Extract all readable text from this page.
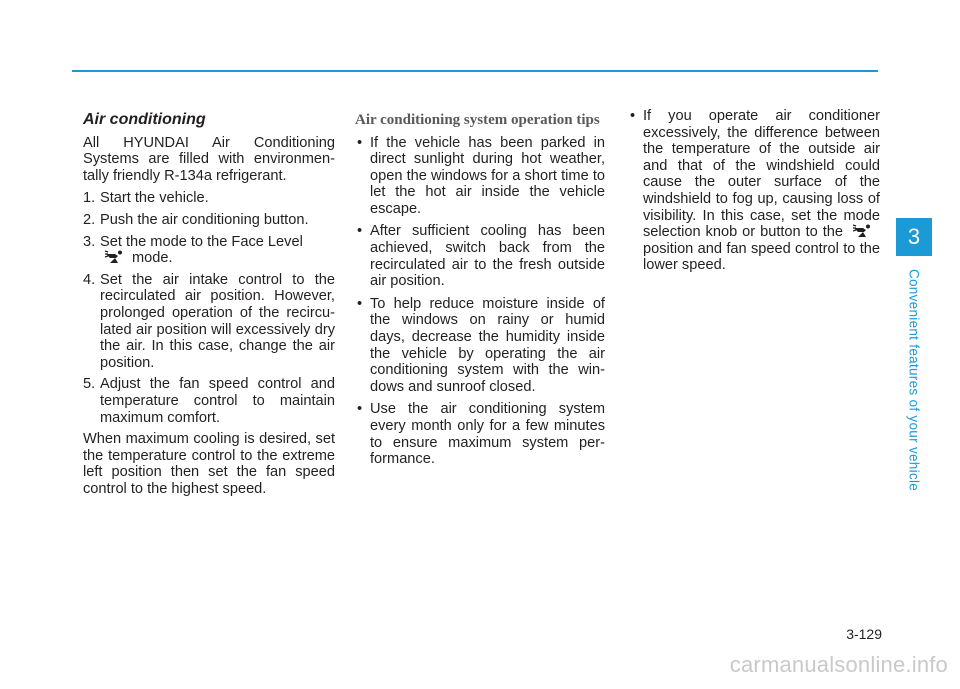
Air conditioning

All HYUNDAI Air Conditioning Systems are filled with environmen-tally friendly R-134a refrigerant.

1. Start the vehicle.
2. Push the air conditioning button.
3. Set the mode to the Face Level
mode.
4. Set the air intake control to the recirculated air position. However, prolonged operation of the recircu-lated air position will excessively dry the air. In this case, change the air position.
5. Adjust the fan speed control and temperature control to maintain maximum comfort.

When maximum cooling is desired, set the temperature control to the extreme left position then set the fan speed control to the highest speed.

Air conditioning system operation tips
• If the vehicle has been parked in direct sunlight during hot weather, open the windows for a short time to let the hot air inside the vehicle escape.
• After sufficient cooling has been achieved, switch back from the recirculated air to the fresh outside air position.
• To help reduce moisture inside of the windows on rainy or humid days, decrease the humidity inside the vehicle by operating the air conditioning system with the win-dows and sunroof closed.
• Use the air conditioning system every month only for a few minutes to ensure maximum system per-formance.
• If you operate air conditioner excessively, the difference between the temperature of the outside air and that of the windshield could cause the outer surface of the windshield to fog up, causing loss of visibility. In this case, set the mode selection knob or button to the  position and fan speed control to the lower speed.
3
Convenient features of your vehicle
3-129
carmanualsonline.info
